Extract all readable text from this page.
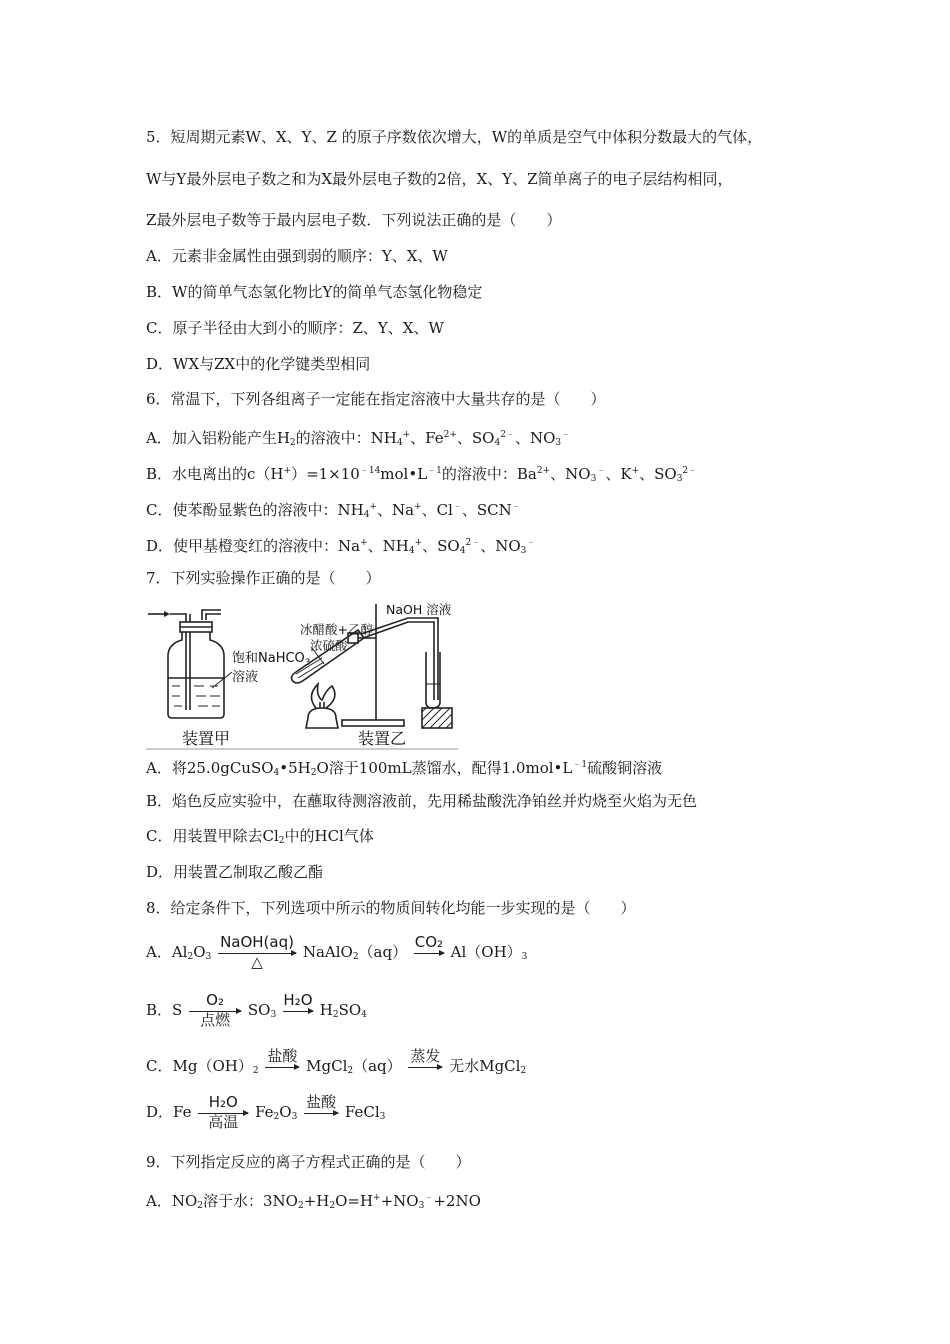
5．短周期元素W、X、Y、Z 的原子序数依次增大，W的单质是空气中体积分数最大的气体，
W与Y最外层电子数之和为X最外层电子数的2倍，X、Y、Z简单离子的电子层结构相同，
Z最外层电子数等于最内层电子数．下列说法正确的是（　　）
A．元素非金属性由强到弱的顺序：Y、X、W
B．W的简单气态氢化物比Y的简单气态氢化物稳定
C．原子半径由大到小的顺序：Z、Y、X、W
D．WX与ZX中的化学键类型相同
6．常温下，下列各组离子一定能在指定溶液中大量共存的是（　　）
A．加入铝粉能产生$H_2$的溶液中：$NH_4^+$、$Fe^{2+}$、$SO_4^{2﹣}$、$NO_3^﹣$
B．水电离出的$c(H^+)=1\times 10^{﹣14}mol•L^{﹣1}$的溶液中：$Ba^{2+}$、$NO_3^﹣$、K+、$SO_3^{2﹣}$
C．使苯酚显紫色的溶液中：$NH_4^+$、Na+、Cl﹣、SCN﹣
D．使甲基橙变红的溶液中：Na+、$NH_4^+$、$SO_4^{2﹣}$、$NO_3^﹣$
7．下列实验操作正确的是（　　）
饱和NaHCO$_3$
溶液
装置甲
冰醋酸+乙醇
浓硫酸
NaOH 溶液
装置乙
A．将$25.0gCuSO_4•5H_2O$溶于100mL蒸馏水，配得$1.0mol•L^{﹣1}$硫酸铜溶液
B．焰色反应实验中，在蘸取待测溶液前，先用稀盐酸洗净铂丝并灼烧至火焰为无色
C．用装置甲除去$Cl_2$中的HCl气体
D．用装置乙制取乙酸乙酯
8．给定条件下，下列选项中所示的物质间转化均能一步实现的是（　　）
A．$Al_2O_3$
NaOH(aq)
△
NaAlO$_2$（aq）
CO₂
$Al(OH)_3$
B．S
O₂
点燃
$SO_3$
H₂O
$H_2SO_4$
C．$Mg(OH)_2$
盐酸
MgCl$_2$（aq）
蒸发
无水MgCl$_2$
D．Fe
H₂O
高温
$Fe_2O_3$
盐酸
FeCl$_3$
9．下列指定反应的离子方程式正确的是（　　）
A．$NO_2$溶于水：$3NO_2+H_2O=H^++NO_3^﹣+2NO$
